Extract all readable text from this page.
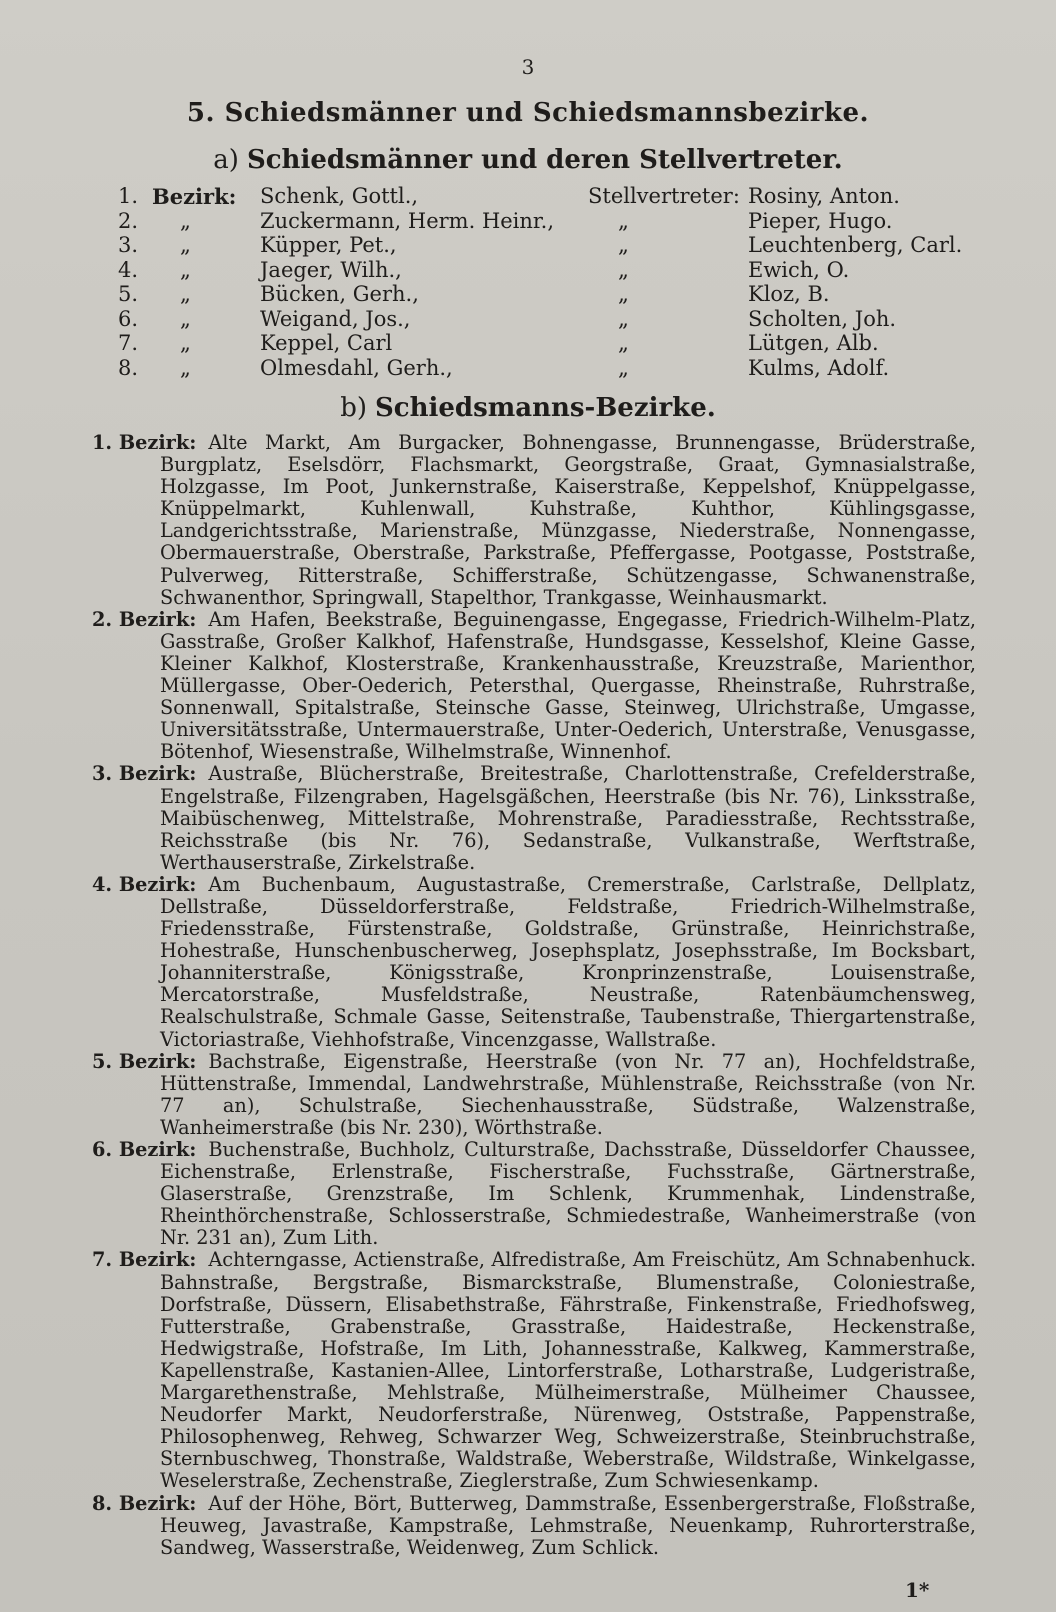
3
5. Schiedsmänner und Schiedsmannsbezirke.
a) Schiedsmänner und deren Stellvertreter.
1. Bezirk: Schenk, Gottl.,	Stellvertreter: Rosiny, Anton.
2.	„	Zuckermann, Herm. Heinr.,	„	Pieper, Hugo.
3.	„	Küpper, Pet.,	„	Leuchtenberg, Carl.
4.	„	Jaeger, Wilh.,	„	Ewich, O.
5.	„	Bücken, Gerh.,	„	Kloz, B.
6.	„	Weigand, Jos.,	„	Scholten, Joh.
7.	„	Keppel, Carl	„	Lütgen, Alb.
8.	„	Olmesdahl, Gerh.,	„	Kulms, Adolf.
b) Schiedsmanns-Bezirke.
1. Bezirk: Alte Markt, Am Burgacker, Bohnengasse, Brunnengasse, Brüderstraße, Burgplatz, Eselsdörr, Flachsmarkt, Georgstraße, Graat, Gymnasialstraße, Holzgasse, Im Poot, Junkernstraße, Kaiserstraße, Keppelshof, Knüppelgasse, Knüppelmarkt, Kuhlenwall, Kuhstraße, Kuhthor, Kühlingsgasse, Landgerichtsstraße, Marienstraße, Münzgasse, Niederstraße, Nonnengasse, Obermauerstraße, Oberstraße, Parkstraße, Pfeffergasse, Pootgasse, Poststraße, Pulverweg, Ritterstraße, Schifferstraße, Schützengasse, Schwanenstraße, Schwanenthor, Springwall, Stapelthor, Trankgasse, Weinhausmarkt.
2. Bezirk: Am Hafen, Beekstraße, Beguinengasse, Engegasse, Friedrich-Wilhelm-Platz, Gasstraße, Großer Kalkhof, Hafenstraße, Hundsgasse, Kesselshof, Kleine Gasse, Kleiner Kalkhof, Klosterstraße, Krankenhausstraße, Kreuzstraße, Marienthor, Müllergasse, Ober-Oederich, Petersthal, Quergasse, Rheinstraße, Ruhrstraße, Sonnenwall, Spitalstraße, Steinsche Gasse, Steinweg, Ulrichstraße, Umgasse, Universitätsstraße, Untermauerstraße, Unter-Oederich, Unterstraße, Venusgasse, Bötenhof, Wiesenstraße, Wilhelmstraße, Winnenhof.
3. Bezirk: Austraße, Blücherstraße, Breitestraße, Charlottenstraße, Crefelderstraße, Engelstraße, Filzengraben, Hagelsgäßchen, Heerstraße (bis Nr. 76), Linksstraße, Maibüschenweg, Mittelstraße, Mohrenstraße, Paradiesstraße, Rechtsstraße, Reichsstraße (bis Nr. 76), Sedanstraße, Vulkanstraße, Werftstraße, Werthauserstraße, Zirkelstraße.
4. Bezirk: Am Buchenbaum, Augustastraße, Cremerstraße, Carlstraße, Dellplatz, Dellstraße, Düsseldorferstraße, Feldstraße, Friedrich-Wilhelmstraße, Friedensstraße, Fürstenstraße, Goldstraße, Grünstraße, Heinrichstraße, Hohestraße, Hunschenbuscherweg, Josephsplatz, Josephsstraße, Im Bocksbart, Johanniterstraße, Königsstraße, Kronprinzenstraße, Louisenstraße, Mercatorstraße, Musfeldstraße, Neustraße, Ratenbäumchensweg, Realschulstraße, Schmale Gasse, Seitenstraße, Taubenstraße, Thiergartenstraße, Victoriastraße, Viehhofstraße, Vincenzgasse, Wallstraße.
5. Bezirk: Bachstraße, Eigenstraße, Heerstraße (von Nr. 77 an), Hochfeldstraße, Hüttenstraße, Immendal, Landwehrstraße, Mühlenstraße, Reichsstraße (von Nr. 77 an), Schulstraße, Siechenhausstraße, Südstraße, Walzenstraße, Wanheimerstraße (bis Nr. 230), Wörthstraße.
6. Bezirk: Buchenstraße, Buchholz, Culturstraße, Dachsstraße, Düsseldorfer Chaussee, Eichenstraße, Erlenstraße, Fischerstraße, Fuchsstraße, Gärtnerstraße, Glaserstraße, Grenzstraße, Im Schlenk, Krummenhak, Lindenstraße, Rheinthörchenstraße, Schlosserstraße, Schmiedestraße, Wanheimerstraße (von Nr. 231 an), Zum Lith.
7. Bezirk: Achterngasse, Actienstraße, Alfredistraße, Am Freischütz, Am Schnabenhuck. Bahnstraße, Bergstraße, Bismarckstraße, Blumenstraße, Coloniestraße, Dorfstraße, Düssern, Elisabethstraße, Fährstraße, Finkenstraße, Friedhofsweg, Futterstraße, Grabenstraße, Grasstraße, Haidestraße, Heckenstraße, Hedwigstraße, Hofstraße, Im Lith, Johannesstraße, Kalkweg, Kammerstraße, Kapellenstraße, Kastanien-Allee, Lintorferstraße, Lotharstraße, Ludgeristraße, Margarethenstraße, Mehlstraße, Mülheimerstraße, Mülheimer Chaussee, Neudorfer Markt, Neudorferstraße, Nürenweg, Oststraße, Pappenstraße, Philosophenweg, Rehweg, Schwarzer Weg, Schweizerstraße, Steinbruchstraße, Sternbuschweg, Thonstraße, Waldstraße, Weberstraße, Wildstraße, Winkelgasse, Weselerstraße, Zechenstraße, Zieglerstraße, Zum Schwiesenkamp.
8. Bezirk: Auf der Höhe, Bört, Butterweg, Dammstraße, Essenbergerstraße, Floßstraße, Heuweg, Javastraße, Kampstraße, Lehmstraße, Neuenkamp, Ruhrorterstraße, Sandweg, Wasserstraße, Weidenweg, Zum Schlick.
1*
